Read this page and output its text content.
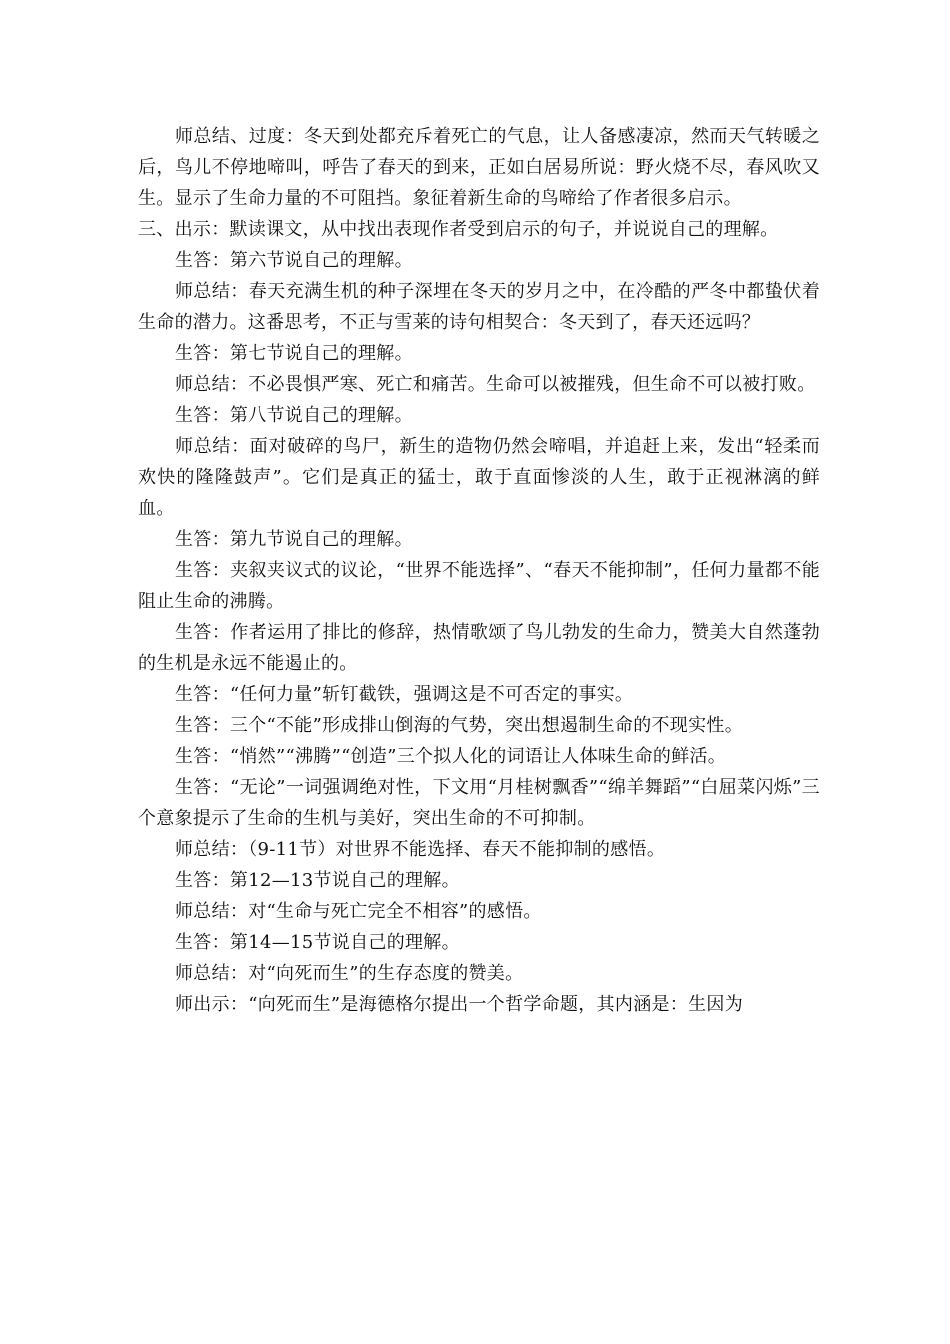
师总结、过度：冬天到处都充斥着死亡的气息，让人备感凄凉，然而天气转暖之后，鸟儿不停地啼叫，呼告了春天的到来，正如白居易所说：野火烧不尽，春风吹又生。显示了生命力量的不可阻挡。象征着新生命的鸟啼给了作者很多启示。

三、出示：默读课文，从中找出表现作者受到启示的句子，并说说自己的理解。

生答：第六节说自己的理解。

师总结：春天充满生机的种子深埋在冬天的岁月之中，在冷酷的严冬中都蛰伏着生命的潜力。这番思考，不正与雪莱的诗句相契合：冬天到了，春天还远吗？

生答：第七节说自己的理解。

师总结：不必畏惧严寒、死亡和痛苦。生命可以被摧残，但生命不可以被打败。

生答：第八节说自己的理解。

师总结：面对破碎的鸟尸，新生的造物仍然会啼唱，并追赶上来，发出“轻柔而欢快的隆隆鼓声”。它们是真正的猛士，敢于直面惨淡的人生，敢于正视淋漓的鲜血。

生答：第九节说自己的理解。

生答：夹叙夹议式的议论，“世界不能选择”、“春天不能抑制”，任何力量都不能阻止生命的沸腾。

生答：作者运用了排比的修辞，热情歌颂了鸟儿勃发的生命力，赞美大自然蓬勃的生机是永远不能遏止的。

生答：“任何力量”斩钉截铁，强调这是不可否定的事实。

生答：三个“不能”形成排山倒海的气势，突出想遏制生命的不现实性。

生答：“悄然”“沸腾”“创造”三个拟人化的词语让人体味生命的鲜活。

生答：“无论”一词强调绝对性，下文用“月桂树飘香”“绵羊舞蹈”“白屈菜闪烁”三个意象提示了生命的生机与美好，突出生命的不可抑制。

师总结：（9-11节）对世界不能选择、春天不能抑制的感悟。

生答：第12—13节说自己的理解。

师总结：对“生命与死亡完全不相容”的感悟。

生答：第14—15节说自己的理解。

师总结：对“向死而生”的生存态度的赞美。

师出示：“向死而生”是海德格尔提出一个哲学命题，其内涵是：生因为
